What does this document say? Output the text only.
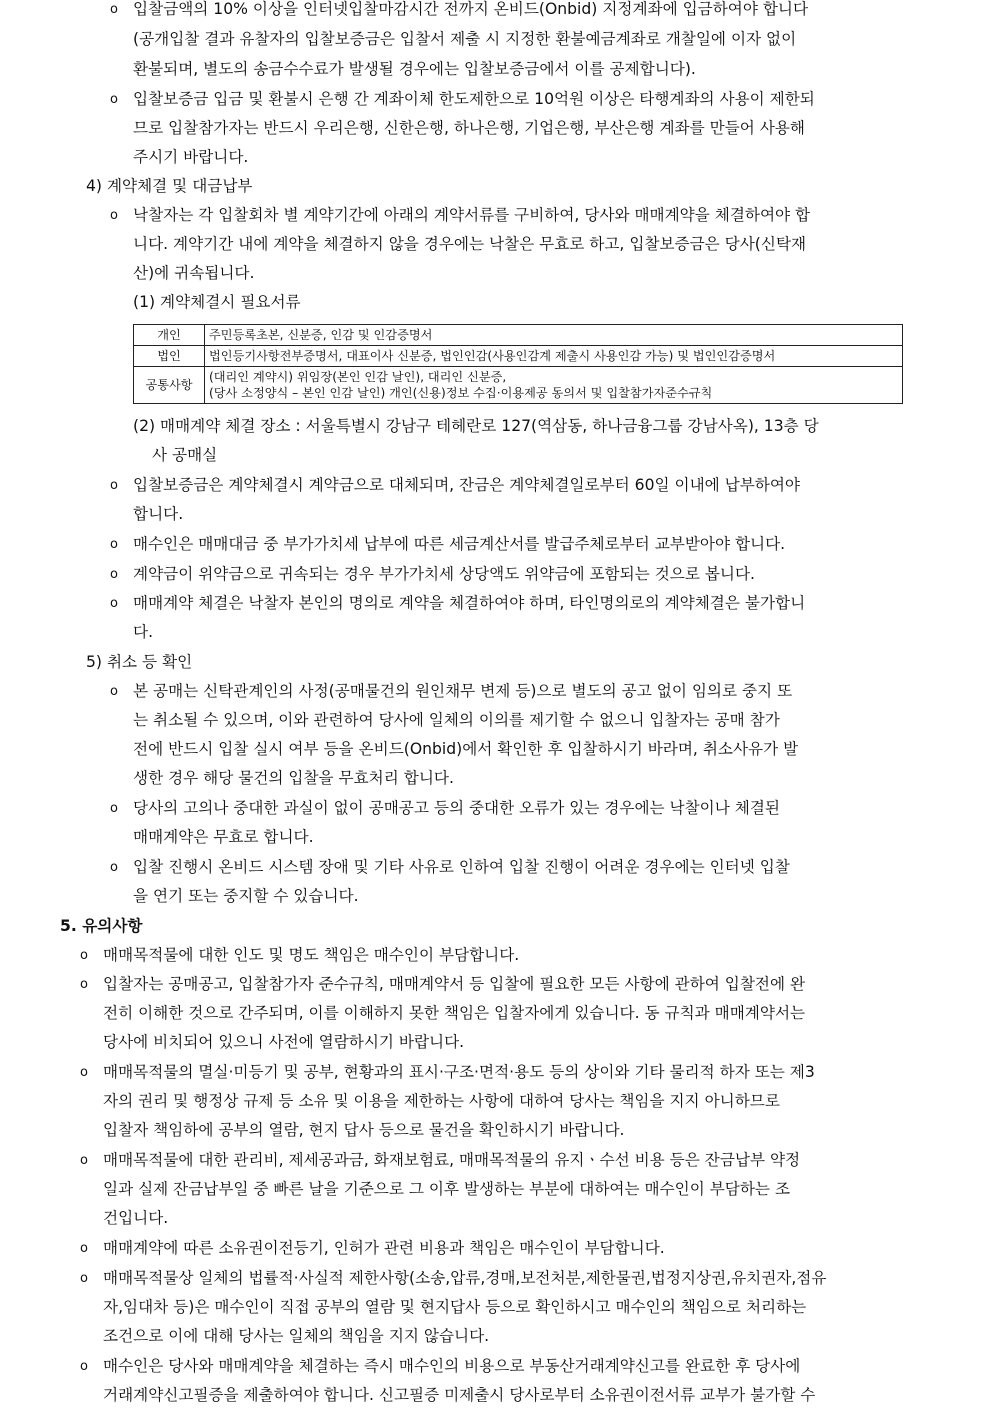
o 입찰금액의 10% 이상을 인터넷입찰마감시간 전까지 온비드(Onbid) 지정계좌에 입금하여야 합니다
(공개입찰 결과 유찰자의 입찰보증금은 입찰서 제출 시 지정한 환불예금계좌로 개찰일에 이자 없이
환불되며, 별도의 송금수수료가 발생될 경우에는 입찰보증금에서 이를 공제합니다).
o 입찰보증금 입금 및 환불시 은행 간 계좌이체 한도제한으로 10억원 이상은 타행계좌의 사용이 제한되
므로 입찰참가자는 반드시 우리은행, 신한은행, 하나은행, 기업은행, 부산은행 계좌를 만들어 사용해
주시기 바랍니다.
4) 계약체결 및 대금납부
o 낙찰자는 각 입찰회차 별 계약기간에 아래의 계약서류를 구비하여, 당사와 매매계약을 체결하여야 합
니다. 계약기간 내에 계약을 체결하지 않을 경우에는 낙찰은 무효로 하고, 입찰보증금은 당사(신탁재
산)에 귀속됩니다.
(1) 계약체결시 필요서류
개인	주민등록초본, 신분증, 인감 및 인감증명서
법인	법인등기사항전부증명서, 대표이사 신분증, 법인인감(사용인감계 제출시 사용인감 가능) 및 법인인감증명서
공통사항	(대리인 계약시) 위임장(본인 인감 날인), 대리인 신분증,
(당사 소정양식 – 본인 인감 날인) 개인(신용)정보 수집·이용제공 동의서 및 입찰참가자준수규칙
(2) 매매계약 체결 장소 : 서울특별시 강남구 테헤란로 127(역삼동, 하나금융그룹 강남사옥), 13층 당
사 공매실
o 입찰보증금은 계약체결시 계약금으로 대체되며, 잔금은 계약체결일로부터 60일 이내에 납부하여야
합니다.
o 매수인은 매매대금 중 부가가치세 납부에 따른 세금계산서를 발급주체로부터 교부받아야 합니다.
o 계약금이 위약금으로 귀속되는 경우 부가가치세 상당액도 위약금에 포함되는 것으로 봅니다.
o 매매계약 체결은 낙찰자 본인의 명의로 계약을 체결하여야 하며, 타인명의로의 계약체결은 불가합니
다.
5) 취소 등 확인
o 본 공매는 신탁관계인의 사정(공매물건의 원인채무 변제 등)으로 별도의 공고 없이 임의로 중지 또
는 취소될 수 있으며, 이와 관련하여 당사에 일체의 이의를 제기할 수 없으니 입찰자는 공매 참가
전에 반드시 입찰 실시 여부 등을 온비드(Onbid)에서 확인한 후 입찰하시기 바라며, 취소사유가 발
생한 경우 해당 물건의 입찰을 무효처리 합니다.
o 당사의 고의나 중대한 과실이 없이 공매공고 등의 중대한 오류가 있는 경우에는 낙찰이나 체결된
매매계약은 무효로 합니다.
o 입찰 진행시 온비드 시스템 장애 및 기타 사유로 인하여 입찰 진행이 어려운 경우에는 인터넷 입찰
을 연기 또는 중지할 수 있습니다.
5. 유의사항
o 매매목적물에 대한 인도 및 명도 책임은 매수인이 부담합니다.
o 입찰자는 공매공고, 입찰참가자 준수규칙, 매매계약서 등 입찰에 필요한 모든 사항에 관하여 입찰전에 완
전히 이해한 것으로 간주되며, 이를 이해하지 못한 책임은 입찰자에게 있습니다. 동 규칙과 매매계약서는
당사에 비치되어 있으니 사전에 열람하시기 바랍니다.
o 매매목적물의 멸실·미등기 및 공부, 현황과의 표시·구조·면적·용도 등의 상이와 기타 물리적 하자 또는 제3
자의 권리 및 행정상 규제 등 소유 및 이용을 제한하는 사항에 대하여 당사는 책임을 지지 아니하므로
입찰자 책임하에 공부의 열람, 현지 답사 등으로 물건을 확인하시기 바랍니다.
o 매매목적물에 대한 관리비, 제세공과금, 화재보험료, 매매목적물의 유지ㆍ수선 비용 등은 잔금납부 약정
일과 실제 잔금납부일 중 빠른 날을 기준으로 그 이후 발생하는 부분에 대하여는 매수인이 부담하는 조
건입니다.
o 매매계약에 따른 소유권이전등기, 인허가 관련 비용과 책임은 매수인이 부담합니다.
o 매매목적물상 일체의 법률적·사실적 제한사항(소송,압류,경매,보전처분,제한물권,법정지상권,유치권자,점유
자,임대차 등)은 매수인이 직접 공부의 열람 및 현지답사 등으로 확인하시고 매수인의 책임으로 처리하는
조건으로 이에 대해 당사는 일체의 책임을 지지 않습니다.
o 매수인은 당사와 매매계약을 체결하는 즉시 매수인의 비용으로 부동산거래계약신고를 완료한 후 당사에
거래계약신고필증을 제출하여야 합니다. 신고필증 미제출시 당사로부터 소유권이전서류 교부가 불가할 수
